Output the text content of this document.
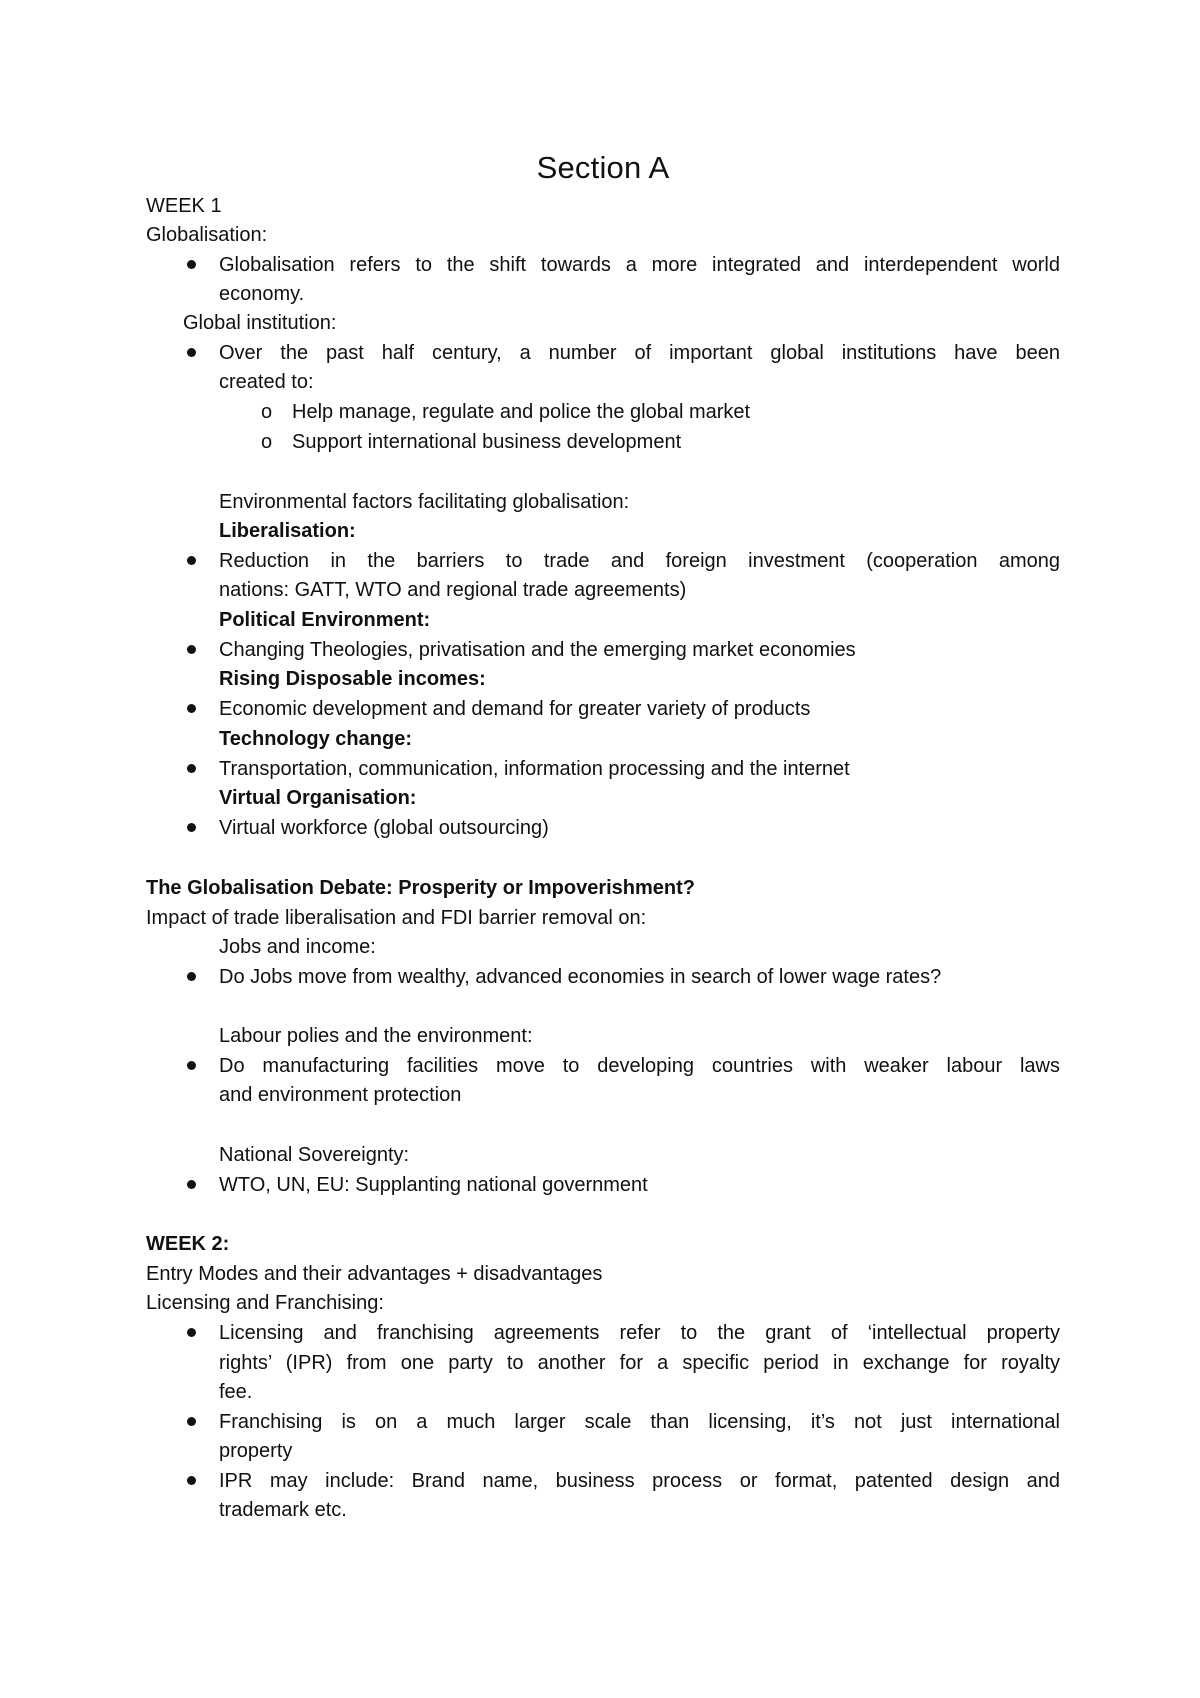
Section A
WEEK 1
Globalisation:
Globalisation refers to the shift towards a more integrated and interdependent world
economy.
Global institution:
Over the past half century, a number of important global institutions have been
created to:
o Help manage, regulate and police the global market
o Support international business development
Environmental factors facilitating globalisation:
Liberalisation:
Reduction in the barriers to trade and foreign investment (cooperation among
nations: GATT, WTO and regional trade agreements)
Political Environment:
Changing Theologies, privatisation and the emerging market economies
Rising Disposable incomes:
Economic development and demand for greater variety of products
Technology change:
Transportation, communication, information processing and the internet
Virtual Organisation:
Virtual workforce (global outsourcing)
The Globalisation Debate: Prosperity or Impoverishment?
Impact of trade liberalisation and FDI barrier removal on:
Jobs and income:
Do Jobs move from wealthy, advanced economies in search of lower wage rates?
Labour polies and the environment:
Do manufacturing facilities move to developing countries with weaker labour laws
and environment protection
National Sovereignty:
WTO, UN, EU: Supplanting national government
WEEK 2:
Entry Modes and their advantages + disadvantages
Licensing and Franchising:
Licensing and franchising agreements refer to the grant of ‘intellectual property
rights’ (IPR) from one party to another for a specific period in exchange for royalty
fee.
Franchising is on a much larger scale than licensing, it’s not just international
property
IPR may include: Brand name, business process or format, patented design and
trademark etc.
